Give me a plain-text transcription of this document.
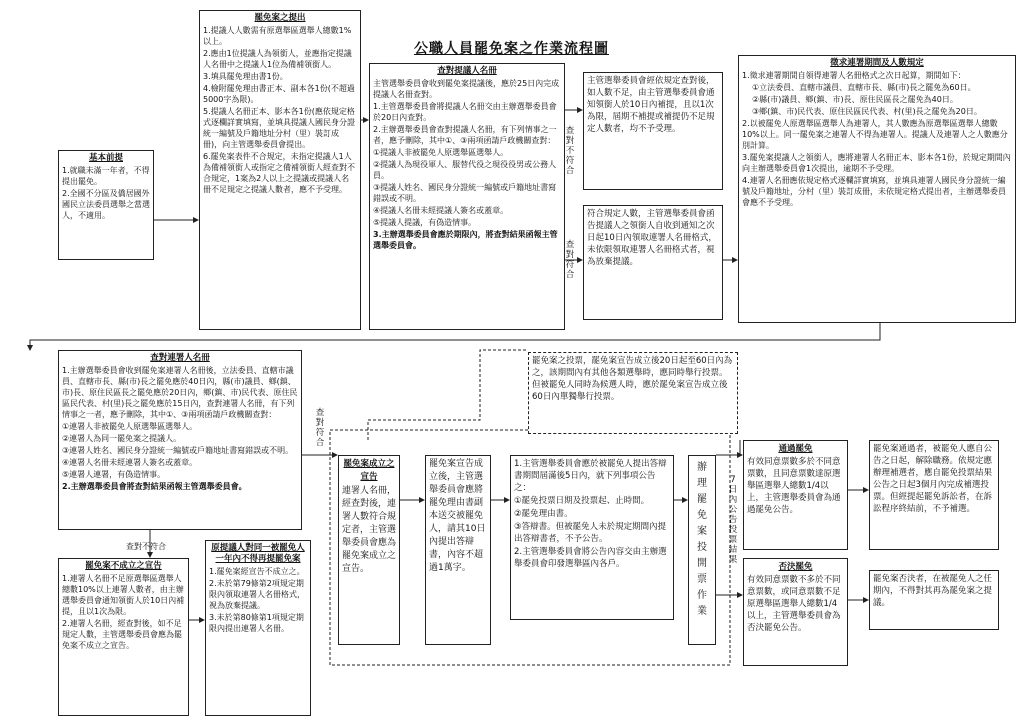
公職人員罷免案之作業流程圖
基本前提
1.就職未滿一年者，不得提出罷免。
2.全國不分區及僑居國外國民立法委員選舉之當選人，不適用。
罷免案之提出
1.提議人人數需有原選舉區選舉人總數1%以上。
2.應由1位提議人為領銜人，並應指定提議人名冊中之提議人1位為備補領銜人。
3.填具罷免理由書1份。
4.檢附罷免理由書正本、副本各1份(不超過5000字為限)。
5.提議人名冊正本、影本各1份(應依規定格式逐欄詳實填寫，並填具提議人國民身分證統一編號及戶籍地址分村（里）裝訂成冊)，向主管選舉委員會提出。
6.罷免案表件不合規定，未指定提議人1人為備補領銜人或指定之備補領銜人經查對不合規定，1案為2人以上之提議或提議人名冊不足規定之提議人數者，應不予受理。
查對提議人名冊
主管選舉委員會收到罷免案提議後，應於25日內完成提議人名冊查對。
1.主管選舉委員會將提議人名冊交由主辦選舉委員會於20日內查對。
2.主辦選舉委員會查對提議人名冊，有下列情事之一者，應予刪除，其中①、③兩項函請戶政機關查對：
①提議人非被罷免人原選舉區選舉人。
②提議人為現役軍人、服替代役之現役役男或公務人員。
③提議人姓名、國民身分證統一編號或戶籍地址書寫錯誤或不明。
④提議人名冊未經提議人簽名或蓋章。
⑤提議人提議，有偽造情事。
3.主辦選舉委員會應於期限內，將查對結果函報主管選舉委員會。
查對不符合
查對符合

主管選舉委員會經依規定查對後，如人數不足，由主管選舉委員會通知領銜人於10日內補提，且以1次為限，屆期不補提或補提仍不足規定人數者，均不予受理。

符合規定人數，主管選舉委員會函告提議人之領銜人自收到通知之次日起10日內領取連署人名冊格式，未依限領取連署人名冊格式者，視為放棄提議。

徵求連署期間及人數規定
1.徵求連署期間自領得連署人名冊格式之次日起算，期間如下：
①立法委員、直轄市議員、直轄市長、縣(市)長之罷免為60日。
②縣(市)議員、鄉(鎮、市)長、原住民區長之罷免為40日。
③鄉(鎮、市)民代表、原住民區民代表、村(里)長之罷免為20日。
2.以被罷免人原選舉區選舉人為連署人，其人數應為原選舉區選舉人總數10%以上。同一罷免案之連署人不得為連署人。提議人及連署人之人數應分別計算。
3.罷免案提議人之領銜人，應將連署人名冊正本、影本各1份，於規定期間內向主辦選舉委員會1次提出，逾期不予受理。
4.連署人名冊應依規定格式逐欄詳實填寫，並填具連署人國民身分證統一編號及戶籍地址，分村（里）裝訂成冊，未依規定格式提出者，主辦選舉委員會應不予受理。
查對連署人名冊
1.主辦選舉委員會收到罷免案連署人名冊後，立法委員、直轄市議員、直轄市長、縣(市)長之罷免應於40日內，縣(市)議員、鄉(鎮、市)長、原住民區長之罷免應於20日內，鄉(鎮、市)民代表、原住民區民代表、村(里)長之罷免應於15日內，查對連署人名冊，有下列情事之一者，應予刪除，其中①、③兩項函請戶政機關查對：
①連署人非被罷免人原選舉區選舉人。
②連署人為同一罷免案之提議人。
③連署人姓名、國民身分證統一編號或戶籍地址書寫錯誤或不明。
④連署人名冊未經連署人簽名或蓋章。
⑤連署人連署，有偽造情事。
2.主辦選舉委員會將查對結果函報主管選舉委員會。
查對符合
查對不符合
罷免案成立之宣告

連署人名冊，經查對後，連署人數符合規定者，主管選舉委員會應為罷免案成立之宣告。

罷免案之投票，罷免案宣告成立後20日起至60日內為之，該期間內有其他各類選舉時，應同時舉行投票。但被罷免人同時為候選人時，應於罷免案宣告成立後60日內單獨舉行投票。

罷免案宣告成立後，主管選舉委員會應將罷免理由書副本送交被罷免人，請其10日內提出答辯書，內容不超過1萬字。

1.主管選舉委員會應於被罷免人提出答辯書期間屆滿後5日內，就下列事項公告之：
①罷免投票日期及投票起、止時間。
②罷免理由書。
③答辯書。但被罷免人未於規定期間內提出答辯書者，不予公告。
2.主管選舉委員會將公告內容交由主辦選舉委員會印發選舉區內各戶。
辦理罷免案投開票作業
7日內公告投票結果
罷免案不成立之宣告
1.連署人名冊不足原選舉區選舉人總數10%以上連署人數者，由主辦選舉委員會通知領銜人於10日內補提，且以1次為限。
2.連署人名冊，經查對後，如不足規定人數，主管選舉委員會應為罷免案不成立之宣告。
原提議人對同一被罷免人一年內不得再提罷免案
1.罷免案經宣告不成立之。
2.未於第79條第2項規定期限內領取連署人名冊格式，視為放棄提議。
3.未於第80條第1項規定期限內提出連署人名冊。
通過罷免

有效同意票數多於不同意票數，且同意票數達原選舉區選舉人總數1/4以上，主管選舉委員會為通過罷免公告。

罷免案通過者，被罷免人應自公告之日起，解除職務。依規定應辦理補選者，應自罷免投票結果公告之日起3個月內完成補選投票。但經提起罷免訴訟者，在訴訟程序終結前，不予補選。

否決罷免

有效同意票數不多於不同意票數，或同意票數不足原選舉區選舉人總數1/4以上，主管選舉委員會為否決罷免公告。

罷免案否決者，在被罷免人之任期內，不得對其再為罷免案之提議。
